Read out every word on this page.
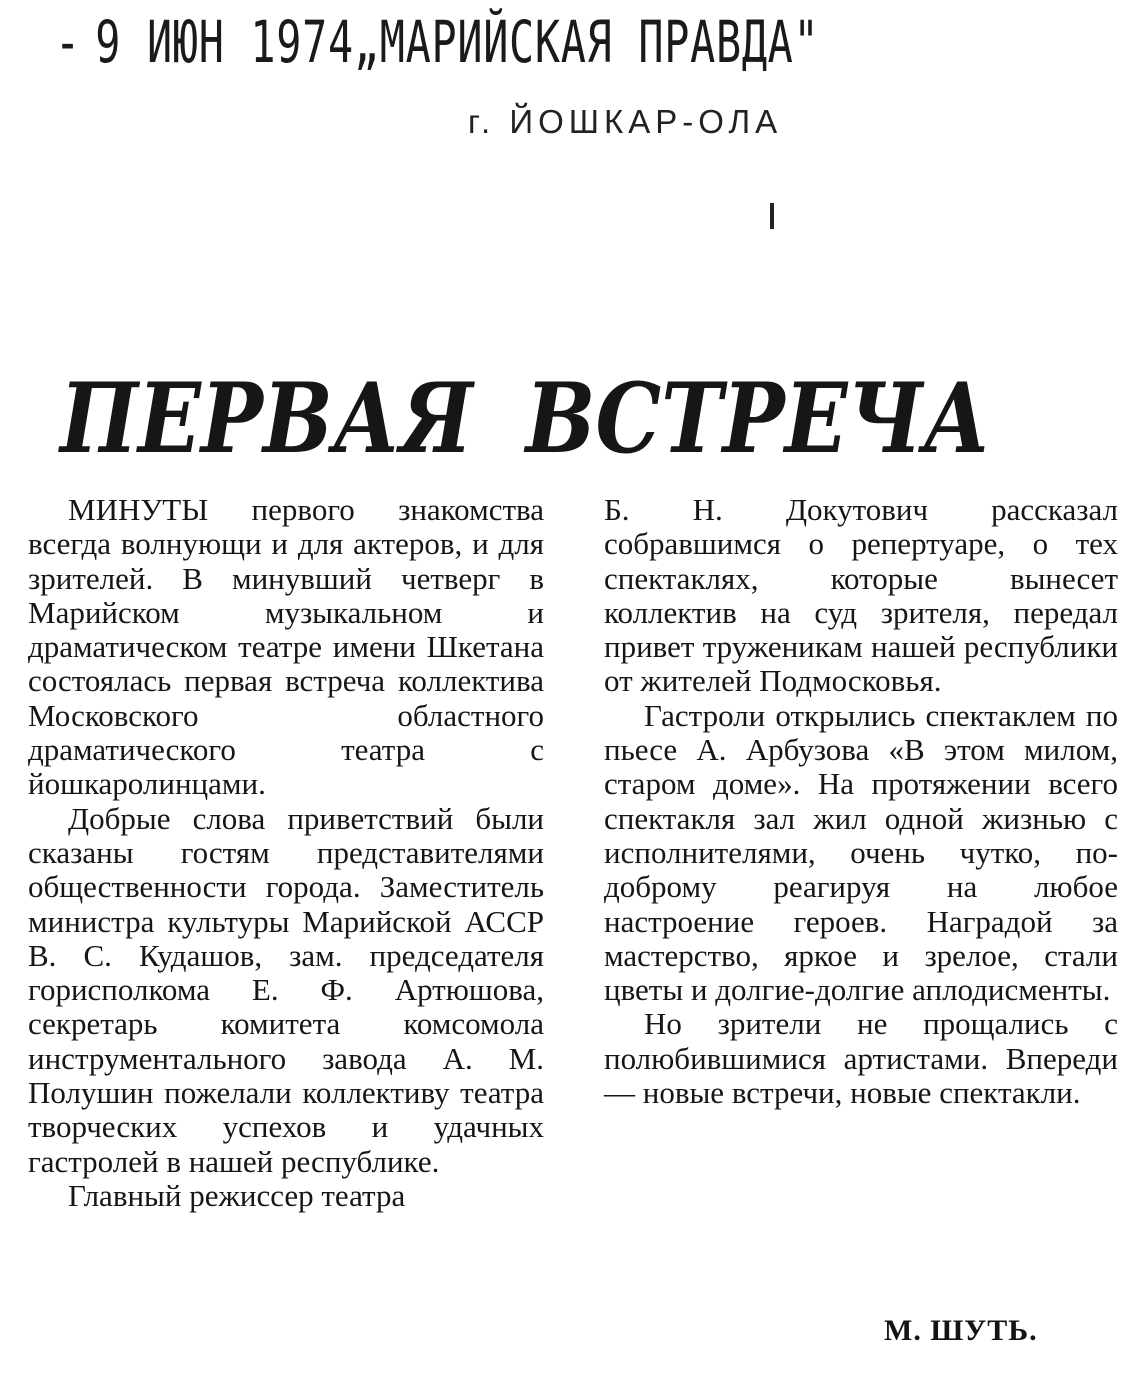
- 9 ИЮН 1974„МАРИЙСКАЯ ПРАВДА"
г. ЙОШКАР-ОЛА
ПЕРВАЯ ВСТРЕЧА

МИНУТЫ первого знакомства всегда волнующи и для актеров, и для зрителей. В минувший четверг в Марийском музыкальном и драматическом театре имени Шкетана состоялась первая встреча коллектива Московского областного драматического театра с йошкаролинцами.

Добрые слова приветствий были сказаны гостям представителями общественности города. Заместитель министра культуры Марийской АССР В. С. Кудашов, зам. председателя горисполкома Е. Ф. Артюшова, секретарь комитета комсомола инструментального завода А. М. Полушин пожелали коллективу театра творческих успехов и удачных гастролей в нашей республике.

Главный режиссер театра

Б. Н. Докутович рассказал собравшимся о репертуаре, о тех спектаклях, которые вынесет коллектив на суд зрителя, передал привет труженикам нашей республики от жителей Подмосковья.

Гастроли открылись спектаклем по пьесе А. Арбузова «В этом милом, старом доме». На протяжении всего спектакля зал жил одной жизнью с исполнителями, очень чутко, по-доброму реагируя на любое настроение героев. Наградой за мастерство, яркое и зрелое, стали цветы и долгие-долгие аплодисменты.

Но зрители не прощались с полюбившимися артистами. Впереди — новые встречи, новые спектакли.

М. ШУТЬ.
